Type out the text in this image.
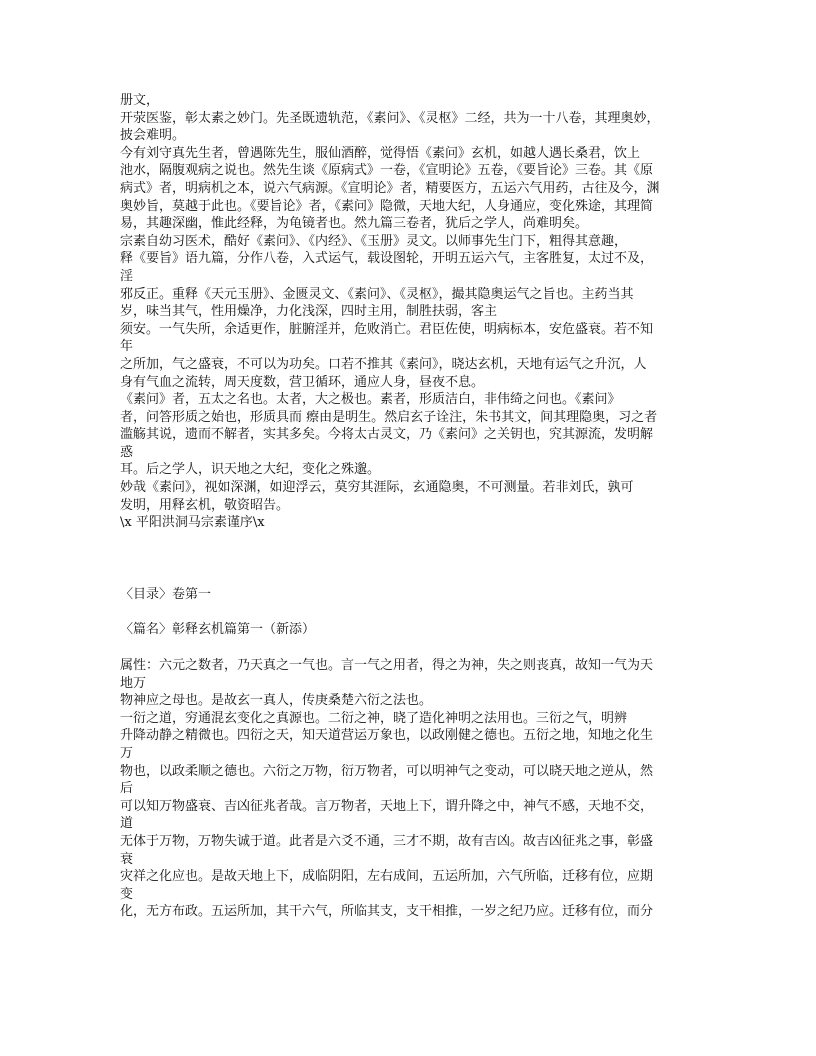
册文，
开荥医鉴，彰太素之妙门。先圣既遗轨范，《素问》、《灵枢》二经，共为一十八卷，其理奥妙，
披会难明。
今有刘守真先生者，曾遇陈先生，服仙酒醉，觉得悟《素问》玄机，如越人遇长桑君，饮上
池水，隔腹观病之说也。然先生谈《原病式》一卷，《宣明论》五卷，《要旨论》三卷。其《原
病式》者，明病机之本，说六气病源。《宣明论》者，精要医方，五运六气用药，古往及今，渊
奥妙旨，莫越于此也。《要旨论》者，《素问》隐微，天地大纪，人身通应，变化殊途，其理简
易，其趣深幽，惟此经释，为龟镜者也。然九篇三卷者，犹后之学人，尚难明矣。
宗素自幼习医术，酷好《素问》、《内经》、《玉册》灵文。以师事先生门下，粗得其意趣，
释《要旨》语九篇，分作八卷，入式运气，载设图轮，开明五运六气，主客胜复，太过不及，
淫
邪反正。重释《天元玉册》、金匮灵文、《素问》、《灵枢》，撮其隐奥运气之旨也。主药当其
岁，味当其气，性用燥净，力化浅深，四时主用，制胜扶弱，客主
须安。一气失所，余适更作，脏腑淫并，危败消亡。君臣佐使，明病标本，安危盛衰。若不知
年
之所加，气之盛衰，不可以为功矣。口若不推其《素问》，晓达玄机，天地有运气之升沉，人
身有气血之流转，周天度数，营卫循环，通应人身，昼夜不息。
《素问》者，五太之名也。太者，大之极也。素者，形质洁白，非伟绮之问也。《素问》
者，问答形质之始也，形质具而 瘵由是明生。然启玄子诠注，朱书其文，间其理隐奥，习之者
滥觞其说，遗而不解者，实其多矣。今将太古灵文，乃《素问》之关钥也，究其源流，发明解
惑
耳。后之学人，识天地之大纪，变化之殊邈。
妙哉《素问》，视如深渊，如迎浮云，莫穷其涯际，玄通隐奥，不可测量。若非刘氏，孰可
发明，用释玄机，敬资昭告。
\x 平阳洪洞马宗素谨序\x
〈目录〉卷第一
〈篇名〉彰释玄机篇第一（新添）
属性：六元之数者，乃天真之一气也。言一气之用者，得之为神，失之则丧真，故知一气为天
地万
物神应之母也。是故玄一真人，传庚桑楚六衍之法也。
一衍之道，穷通混玄变化之真源也。二衍之神，晓了造化神明之法用也。三衍之气，明辨
升降动静之精微也。四衍之天，知天道营运万象也，以政刚健之德也。五衍之地，知地之化生
万
物也，以政柔顺之德也。六衍之万物，衍万物者，可以明神气之变动，可以晓天地之逆从，然
后
可以知万物盛衰、吉凶征兆者哉。言万物者，天地上下，谓升降之中，神气不感，天地不交，
道
无体于万物，万物失诚于道。此者是六爻不通，三才不期，故有吉凶。故吉凶征兆之事，彰盛
衰
灾祥之化应也。是故天地上下，成临阴阳，左右成间，五运所加，六气所临，迁移有位，应期
变
化，无方布政。五运所加，其干六气，所临其支，支干相推，一岁之纪乃应。迁移有位，而分
